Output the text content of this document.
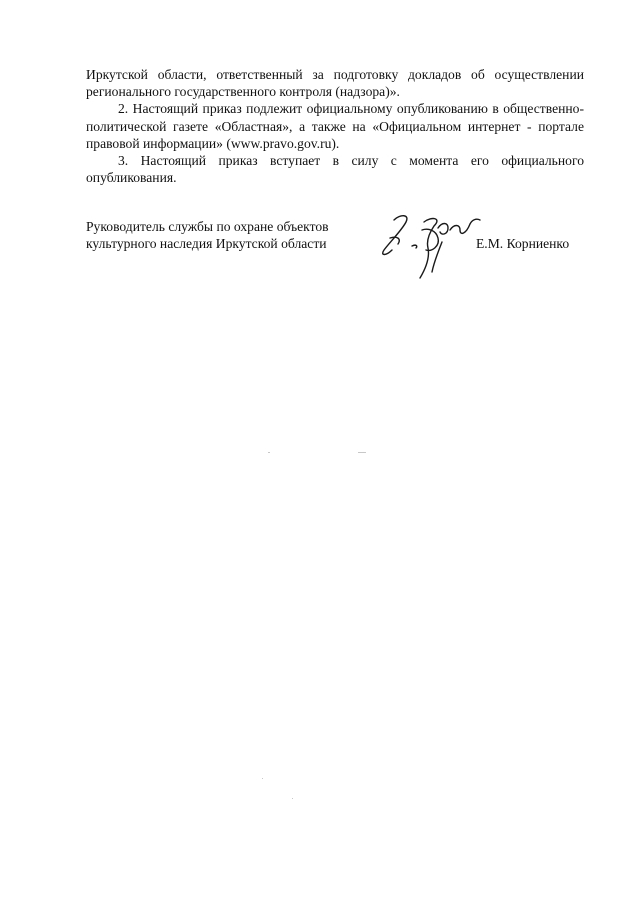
Иркутской области, ответственный за подготовку докладов об осуществлении регионального государственного контроля (надзора)».

2. Настоящий приказ подлежит официальному опубликованию в общественно-политической газете «Областная», а также на «Официальном интернет - портале правовой информации» (www.pravo.gov.ru).

3. Настоящий приказ вступает в силу с момента его официального опубликования.

Руководитель службы по охране объектов
культурного наследия Иркутской области	Е.М. Корниенко
